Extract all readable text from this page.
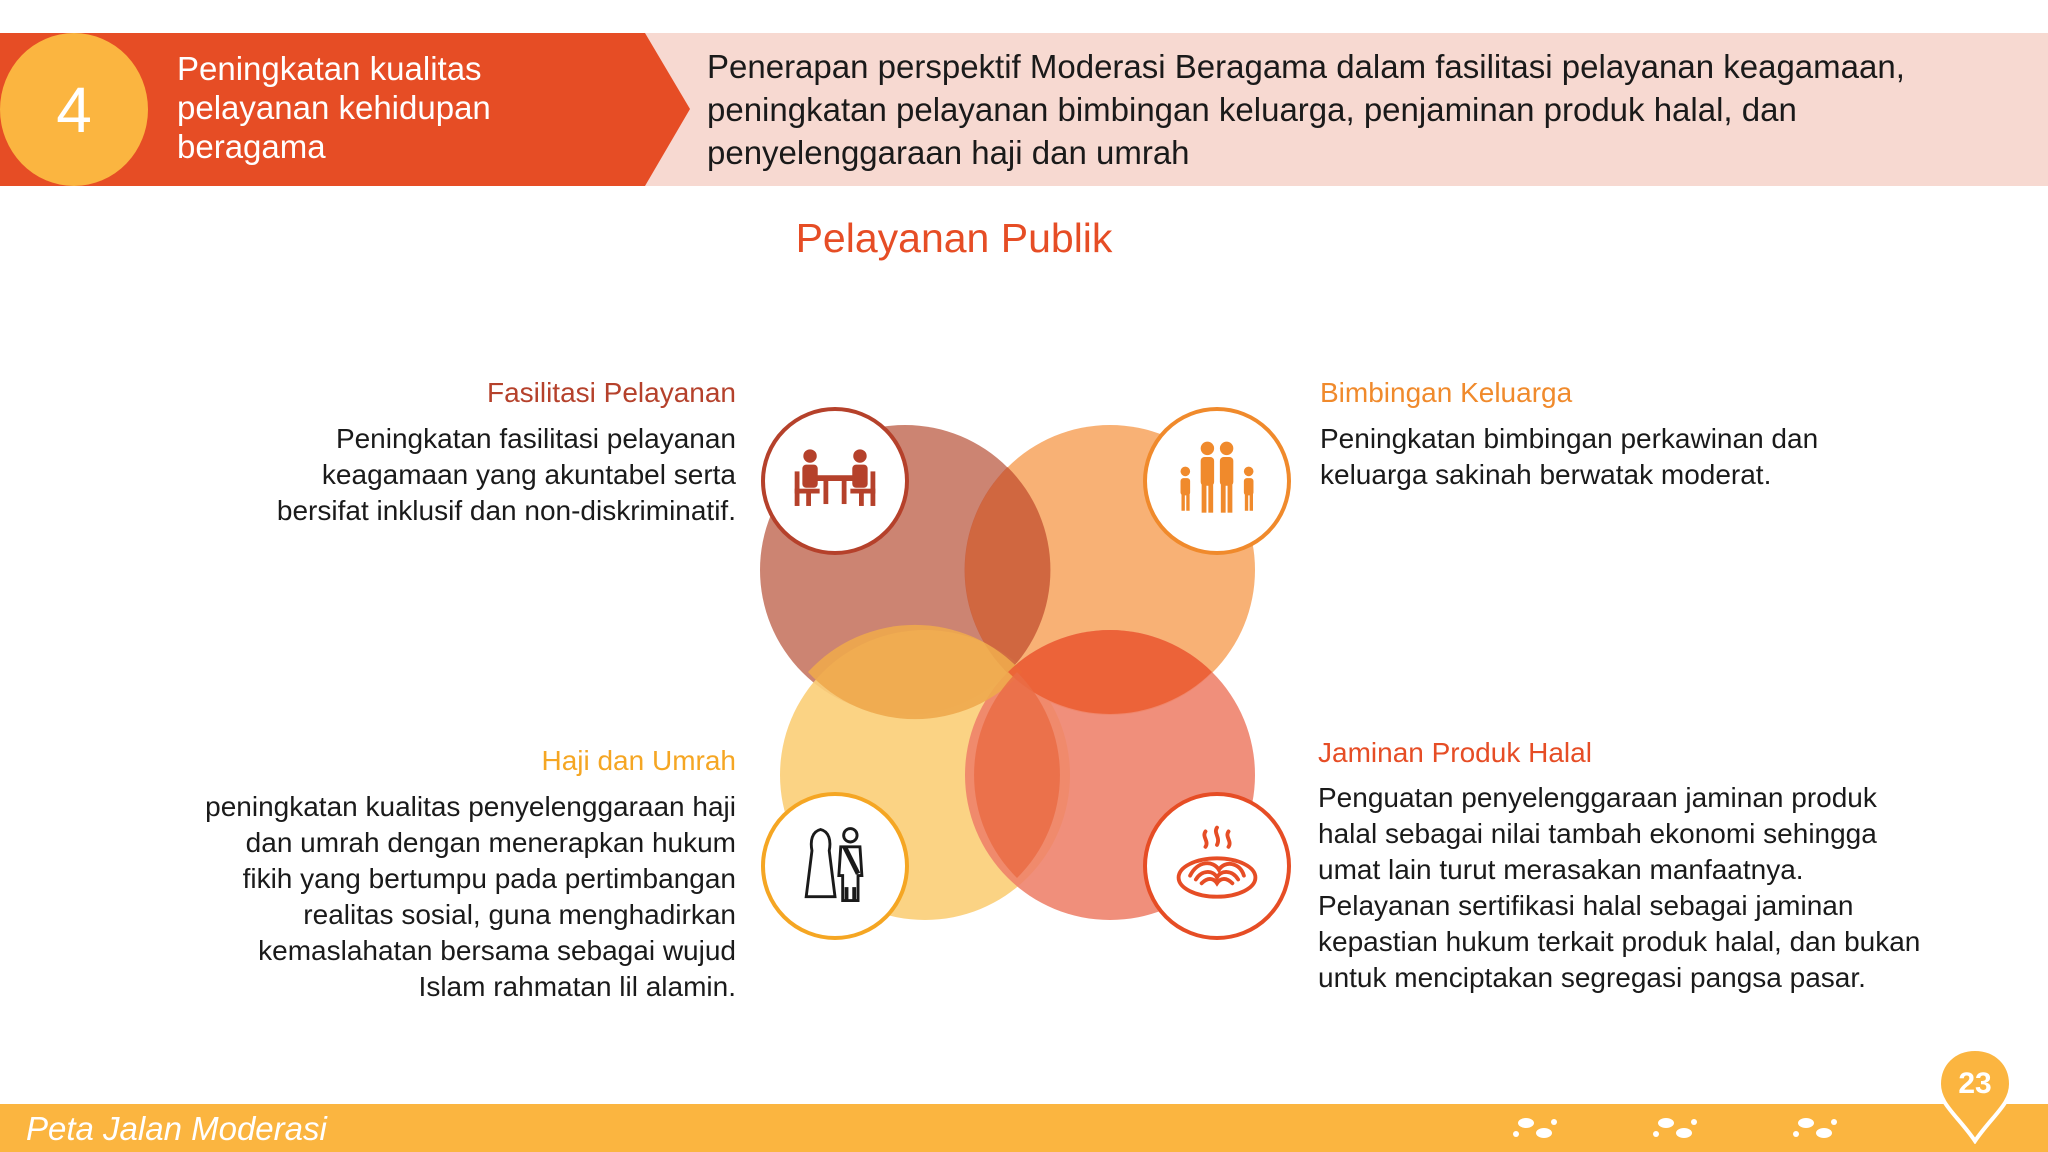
4
Peningkatan kualitas pelayanan kehidupan beragama
Penerapan perspektif Moderasi Beragama dalam fasilitasi pelayanan keagamaan, peningkatan pelayanan bimbingan keluarga, penjaminan produk halal, dan penyelenggaraan haji dan umrah
Pelayanan Publik
Fasilitasi Pelayanan
Peningkatan fasilitasi pelayanan keagamaan yang akuntabel serta bersifat inklusif dan non-diskriminatif.
Bimbingan Keluarga
Peningkatan bimbingan perkawinan dan keluarga sakinah berwatak moderat.
Haji dan Umrah
peningkatan kualitas penyelenggaraan haji dan umrah dengan menerapkan hukum fikih yang bertumpu pada pertimbangan realitas sosial, guna menghadirkan kemaslahatan bersama sebagai wujud Islam rahmatan lil alamin.
Jaminan Produk Halal
Penguatan penyelenggaraan jaminan produk halal sebagai nilai tambah ekonomi sehingga umat lain turut merasakan manfaatnya. Pelayanan sertifikasi halal sebagai jaminan kepastian hukum terkait produk halal, dan bukan untuk menciptakan segregasi pangsa pasar.
Peta Jalan Moderasi
23
